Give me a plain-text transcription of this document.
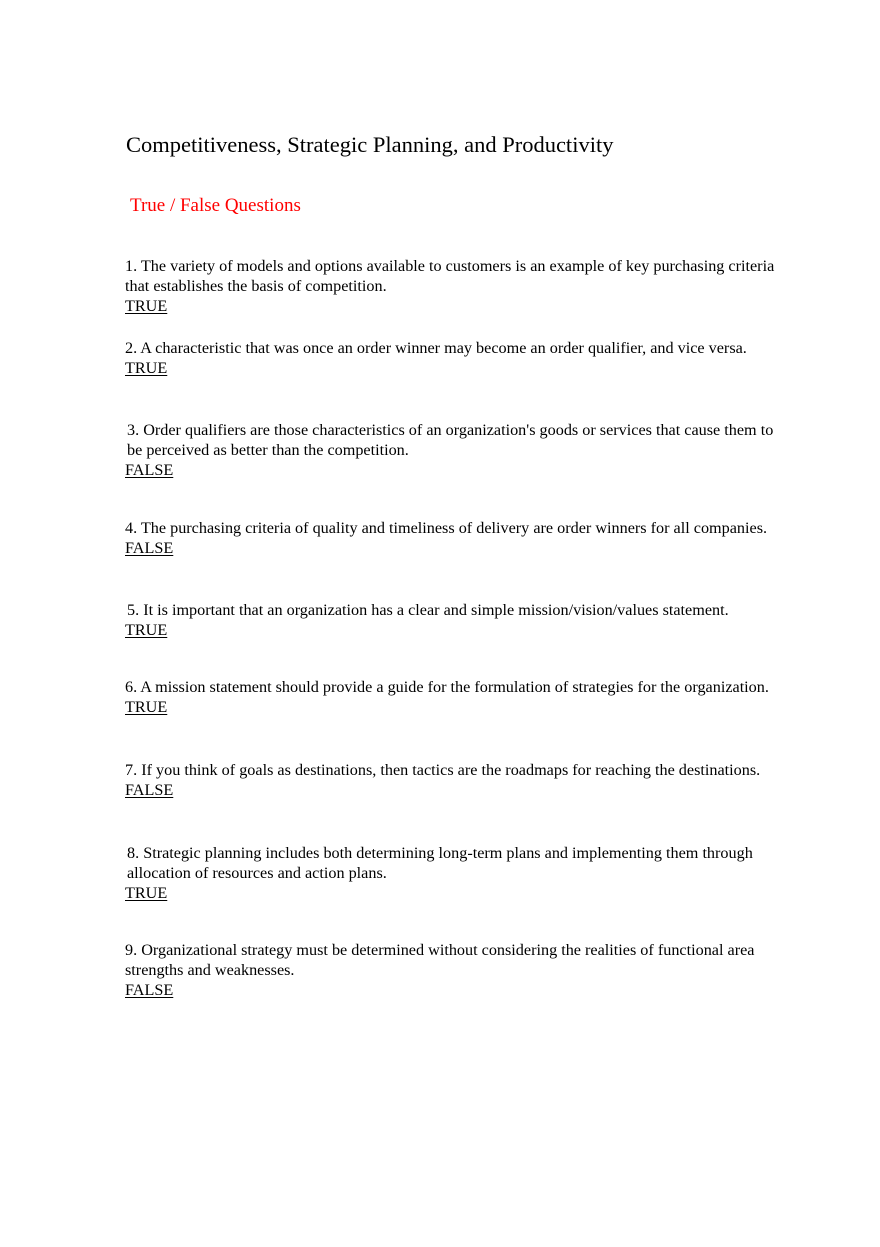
Competitiveness, Strategic Planning, and Productivity
True / False Questions
1. The variety of models and options available to customers is an example of key purchasing criteria that establishes the basis of competition.
TRUE
2. A characteristic that was once an order winner may become an order qualifier, and vice versa.
TRUE
3. Order qualifiers are those characteristics of an organization's goods or services that cause them to be perceived as better than the competition.
FALSE
4. The purchasing criteria of quality and timeliness of delivery are order winners for all companies.
FALSE
5. It is important that an organization has a clear and simple mission/vision/values statement.
TRUE
6. A mission statement should provide a guide for the formulation of strategies for the organization.
TRUE
7. If you think of goals as destinations, then tactics are the roadmaps for reaching the destinations.
FALSE
8. Strategic planning includes both determining long-term plans and implementing them through allocation of resources and action plans.
TRUE
9. Organizational strategy must be determined without considering the realities of functional area strengths and weaknesses.
FALSE
